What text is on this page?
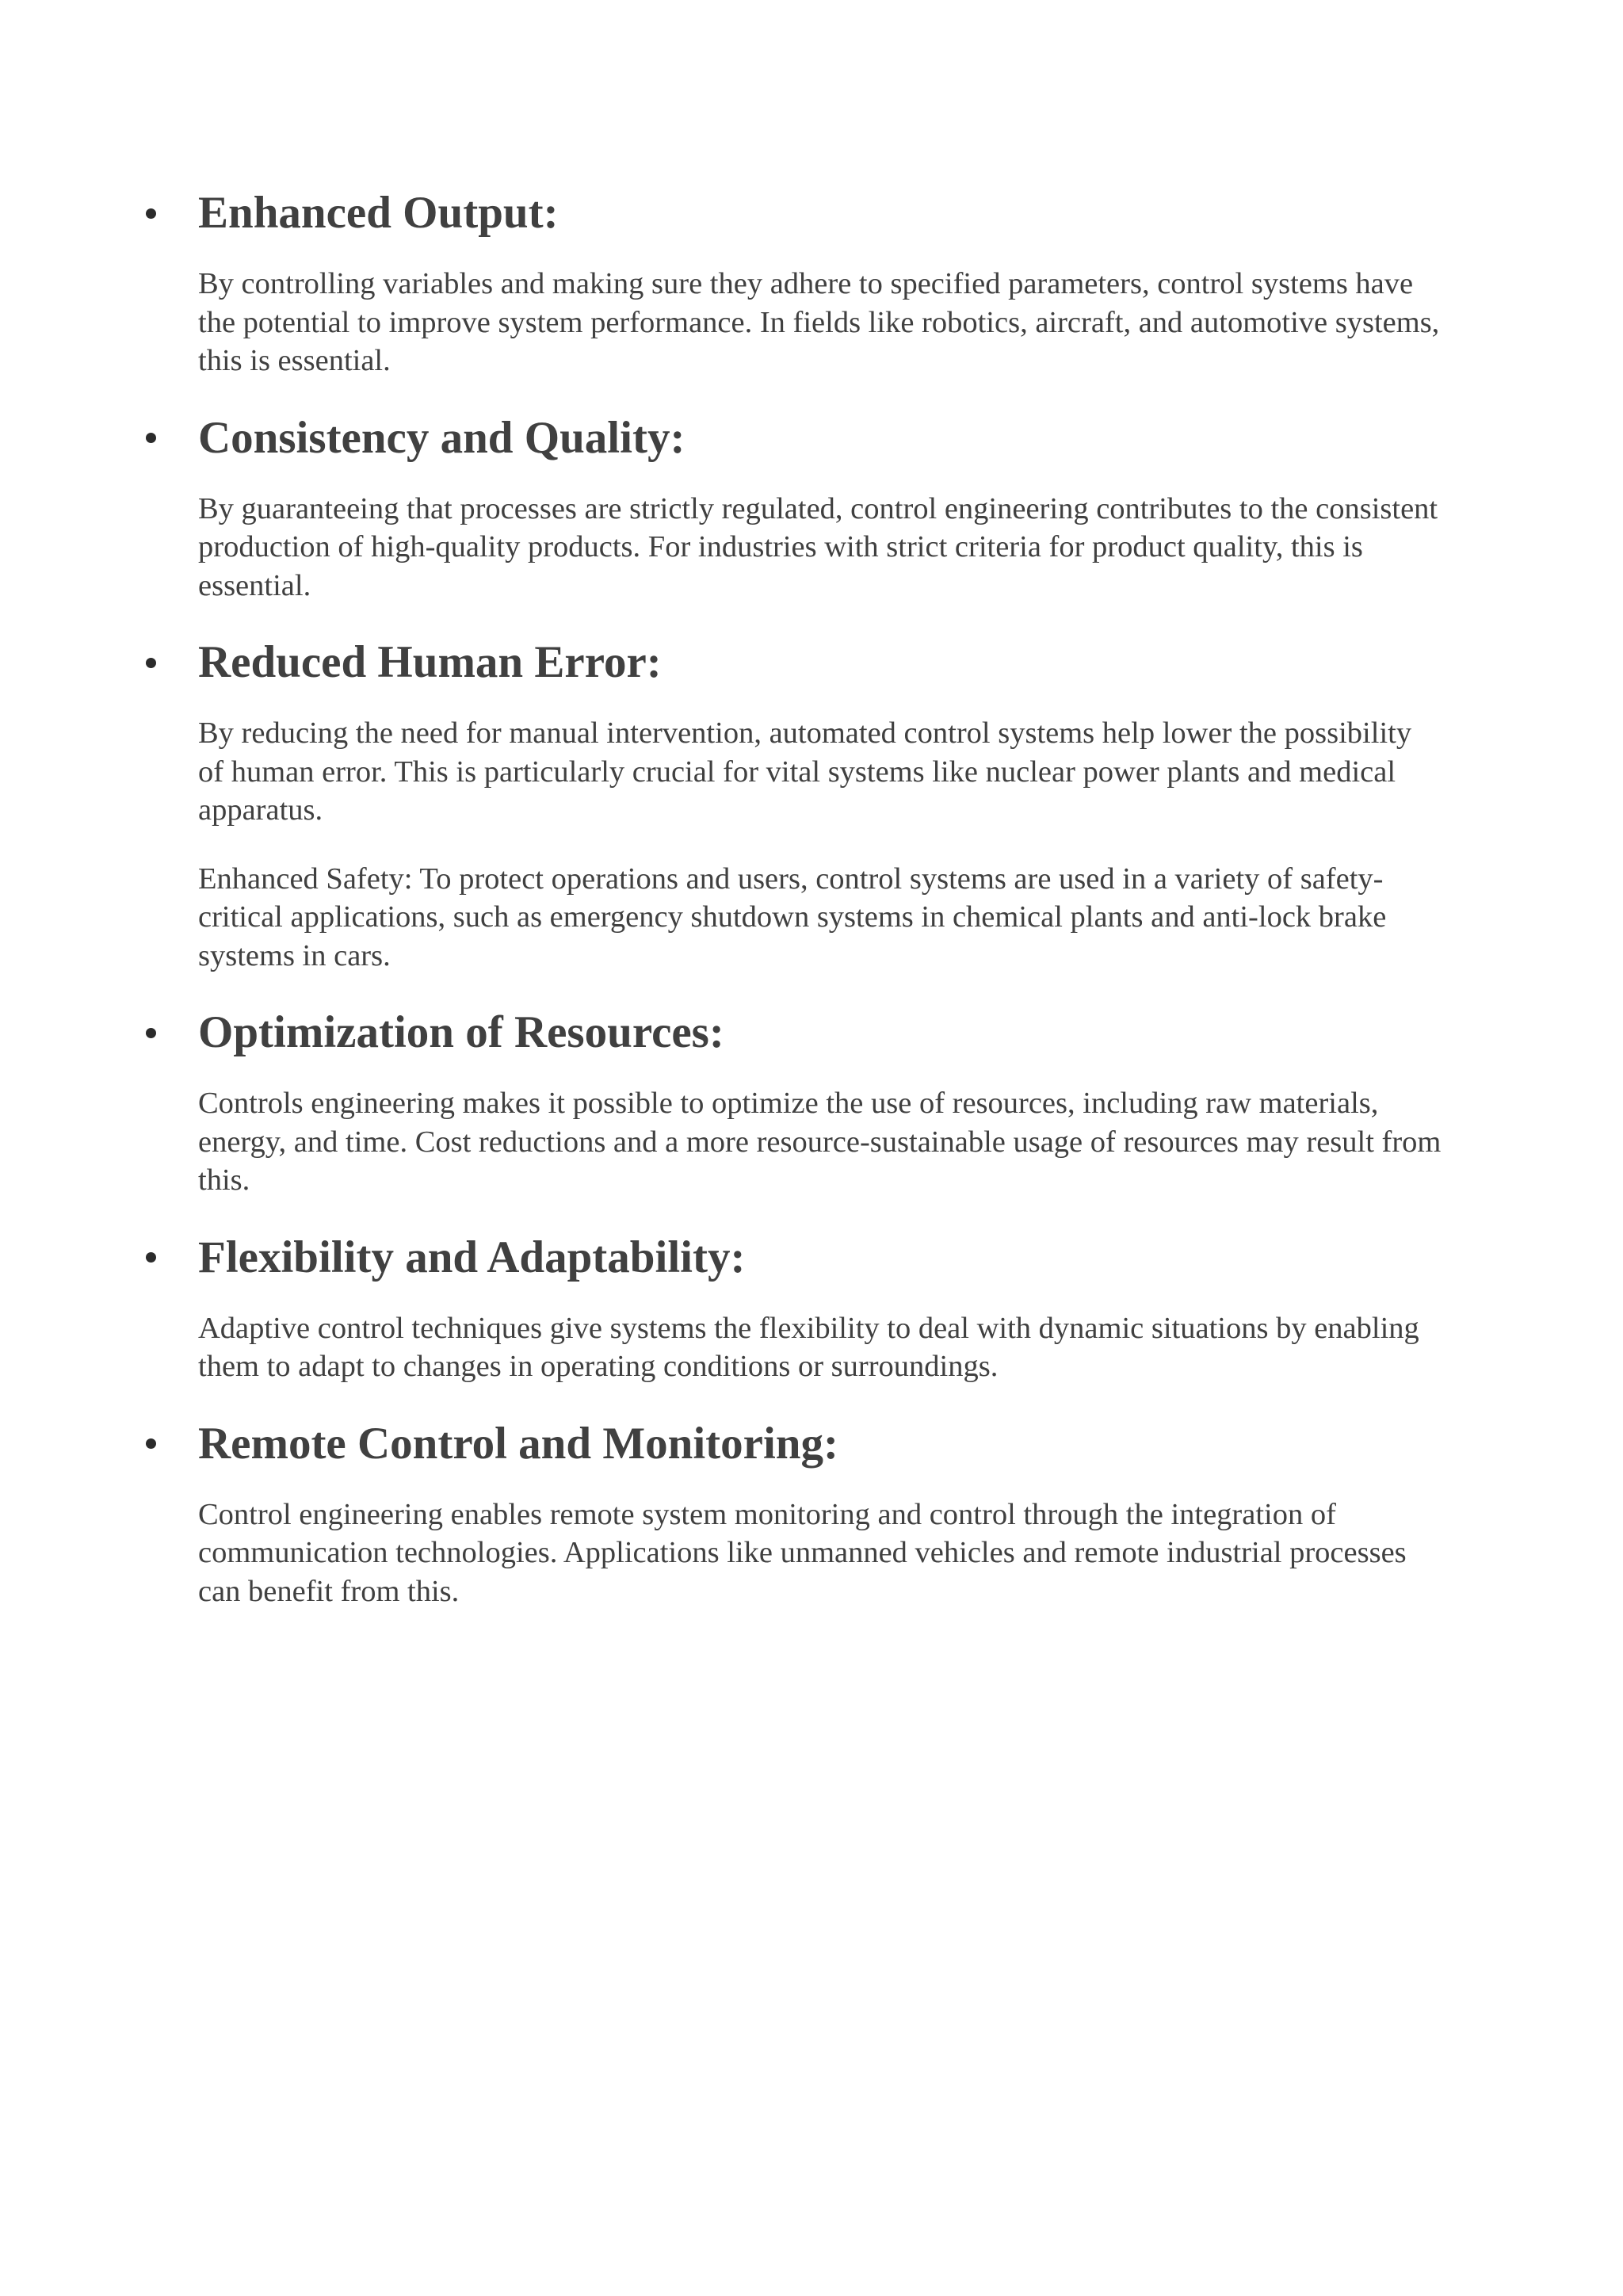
Enhanced Output:

By controlling variables and making sure they adhere to specified parameters, control systems have the potential to improve system performance. In fields like robotics, aircraft, and automotive systems, this is essential.

Consistency and Quality:

By guaranteeing that processes are strictly regulated, control engineering contributes to the consistent production of high-quality products. For industries with strict criteria for product quality, this is essential.

Reduced Human Error:

By reducing the need for manual intervention, automated control systems help lower the possibility of human error. This is particularly crucial for vital systems like nuclear power plants and medical apparatus.

Enhanced Safety: To protect operations and users, control systems are used in a variety of safety-critical applications, such as emergency shutdown systems in chemical plants and anti-lock brake systems in cars.

Optimization of Resources:

Controls engineering makes it possible to optimize the use of resources, including raw materials, energy, and time. Cost reductions and a more resource-sustainable usage of resources may result from this.

Flexibility and Adaptability:

Adaptive control techniques give systems the flexibility to deal with dynamic situations by enabling them to adapt to changes in operating conditions or surroundings.

Remote Control and Monitoring:

Control engineering enables remote system monitoring and control through the integration of communication technologies. Applications like unmanned vehicles and remote industrial processes can benefit from this.
